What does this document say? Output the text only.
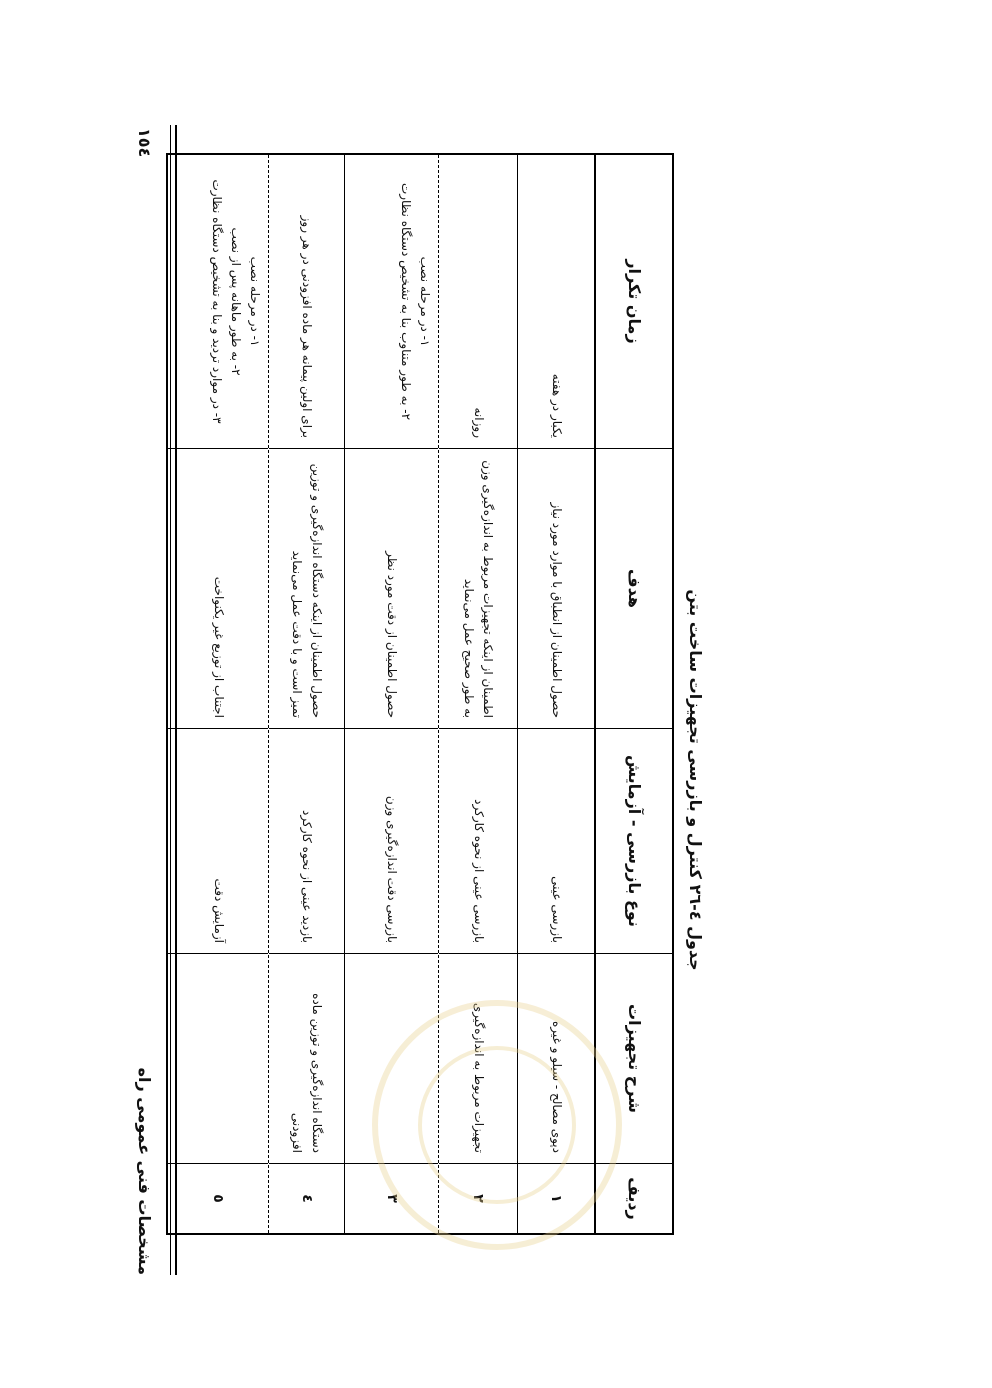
مشخصات فنی عمومی راه
١٥٤
جدول ٤-٢٦ کنترل و بازرسی تجهیزات ساخت بتن
ردیف
شرح تجهیزات
نوع بازرسی - آزمایش
هدف
زمان تکرار
١
دپوی مصالح - سیلو و غیره
بازرسی عینی
حصول اطمینان از انطباق با موارد مورد نیاز
یکبار در هفته
٢
تجهیزات مربوط به اندازه‌گیری
بازرسی عینی از نحوه کارکرد
اطمینان از اینکه تجهیزات مربوط به اندازه‌گیری وزن به طور صحیح عمل می‌نماید
روزانه
٣
بازرسی دقت اندازه‌گیری وزن
حصول اطمینان از دقت مورد نظر
١- در مرحله نصب
٢- به طور متناوب بنا به تشخیص دستگاه نظارت
٤
دستگاه اندازه‌گیری و توزین ماده افزودنی
بازدید عینی از نحوه کارکرد
حصول اطمینان از اینکه دستگاه اندازه‌گیری و توزین تمیز است و با دقت عمل می‌نماید
برای اولین پیمانه هر ماده افزودنی در هر روز
٥
آزمایش دقت
اجتناب از توزیع غیر یکنواخت
١- در مرحله نصب
٢- به طور ماهانه پس از نصب
٣- در موارد تردید و بنا به تشخیص دستگاه نظارت
